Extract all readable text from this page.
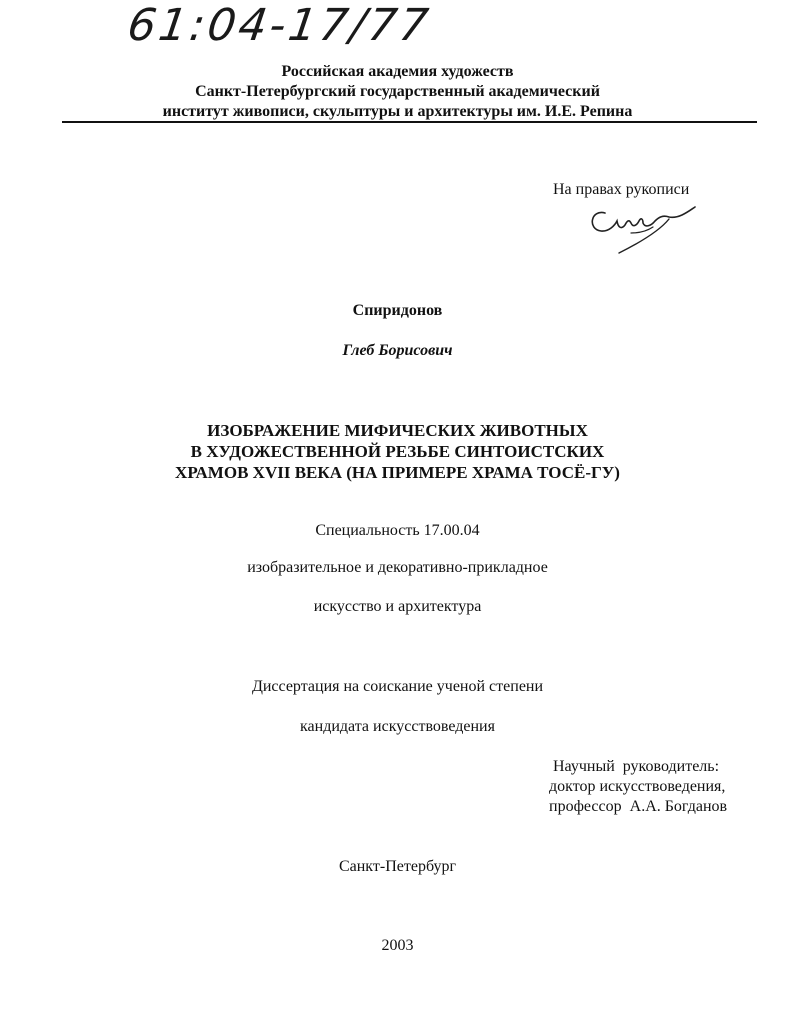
61:04-17/77
Российская академия художеств
Санкт-Петербургский государственный академический
институт живописи, скульптуры и архитектуры им. И.Е. Репина
На правах рукописи
Спиридонов
Глеб Борисович
ИЗОБРАЖЕНИЕ МИФИЧЕСКИХ ЖИВОТНЫХ
В ХУДОЖЕСТВЕННОЙ РЕЗЬБЕ СИНТОИСТСКИХ
ХРАМОВ XVII ВЕКА (НА ПРИМЕРЕ ХРАМА ТОСЁ-ГУ)
Специальность 17.00.04
изобразительное и декоративно-прикладное
искусство и архитектура
Диссертация на соискание ученой степени
кандидата искусствоведения
Научный  руководитель:
доктор искусствоведения,
профессор  А.А. Богданов
Санкт-Петербург
2003
